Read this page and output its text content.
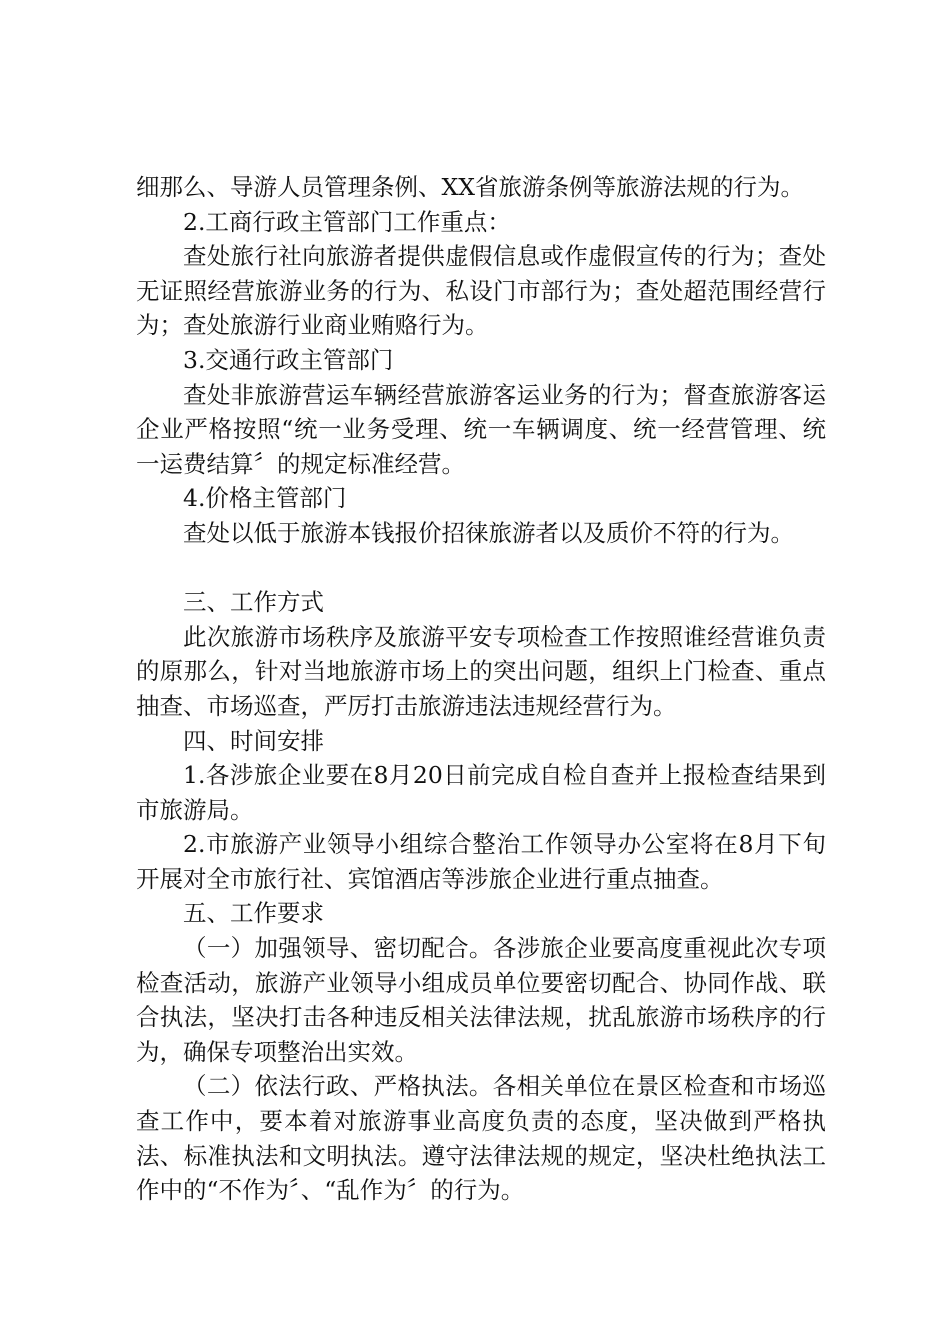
细那么、导游人员管理条例、XX省旅游条例等旅游法规的行为。

2.工商行政主管部门工作重点：

查处旅行社向旅游者提供虚假信息或作虚假宣传的行为；查处无证照经营旅游业务的行为、私设门市部行为；查处超范围经营行为；查处旅游行业商业贿赂行为。

3.交通行政主管部门

查处非旅游营运车辆经营旅游客运业务的行为；督查旅游客运企业严格按照“统一业务受理、统一车辆调度、统一经营管理、统一运费结算〞的规定标准经营。

4.价格主管部门

查处以低于旅游本钱报价招徕旅游者以及质价不符的行为。

三、工作方式

此次旅游市场秩序及旅游平安专项检查工作按照谁经营谁负责的原那么，针对当地旅游市场上的突出问题，组织上门检查、重点抽查、市场巡查，严厉打击旅游违法违规经营行为。

四、时间安排

1.各涉旅企业要在8月20日前完成自检自查并上报检查结果到市旅游局。

2.市旅游产业领导小组综合整治工作领导办公室将在8月下旬开展对全市旅行社、宾馆酒店等涉旅企业进行重点抽查。

五、工作要求

（一）加强领导、密切配合。各涉旅企业要高度重视此次专项检查活动，旅游产业领导小组成员单位要密切配合、协同作战、联合执法，坚决打击各种违反相关法律法规，扰乱旅游市场秩序的行为，确保专项整治出实效。

（二）依法行政、严格执法。各相关单位在景区检查和市场巡查工作中，要本着对旅游事业高度负责的态度，坚决做到严格执法、标准执法和文明执法。遵守法律法规的规定，坚决杜绝执法工作中的“不作为〞、“乱作为〞的行为。
